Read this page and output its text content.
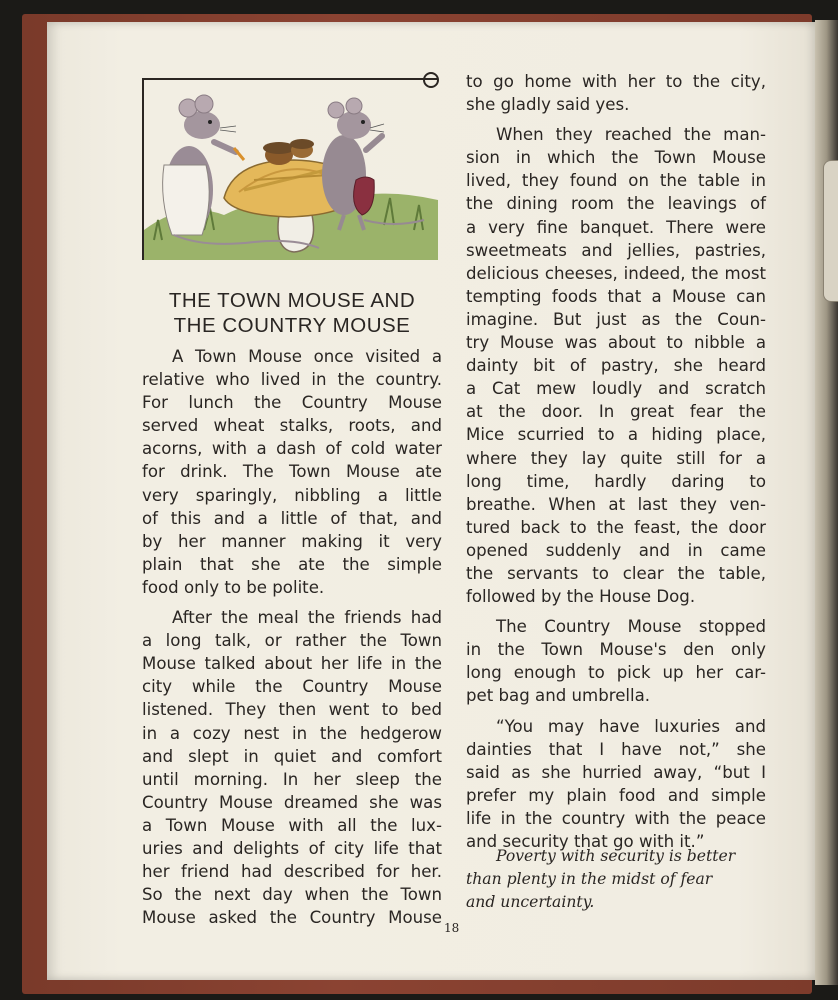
THE TOWN MOUSE AND
THE COUNTRY MOUSE
A Town Mouse once visited a
relative who lived in the country.
For lunch the Country Mouse
served wheat stalks, roots, and
acorns, with a dash of cold water
for drink. The Town Mouse ate
very sparingly, nibbling a little
of this and a little of that, and
by her manner making it very
plain that she ate the simple
food only to be polite.
After the meal the friends had
a long talk, or rather the Town
Mouse talked about her life in the
city while the Country Mouse
listened. They then went to bed
in a cozy nest in the hedgerow
and slept in quiet and comfort
until morning. In her sleep the
Country Mouse dreamed she was
a Town Mouse with all the lux-
uries and delights of city life that
her friend had described for her.
So the next day when the Town
Mouse asked the Country Mouse
to go home with her to the city,
she gladly said yes.
When they reached the man-
sion in which the Town Mouse
lived, they found on the table in
the dining room the leavings of
a very fine banquet. There were
sweetmeats and jellies, pastries,
delicious cheeses, indeed, the most
tempting foods that a Mouse can
imagine. But just as the Coun-
try Mouse was about to nibble a
dainty bit of pastry, she heard
a Cat mew loudly and scratch
at the door. In great fear the
Mice scurried to a hiding place,
where they lay quite still for a
long time, hardly daring to
breathe. When at last they ven-
tured back to the feast, the door
opened suddenly and in came
the servants to clear the table,
followed by the House Dog.
The Country Mouse stopped
in the Town Mouse's den only
long enough to pick up her car-
pet bag and umbrella.
“You may have luxuries and
dainties that I have not,” she
said as she hurried away, “but I
prefer my plain food and simple
life in the country with the peace
and security that go with it.”
Poverty with security is better
than plenty in the midst of fear
and uncertainty.
18
